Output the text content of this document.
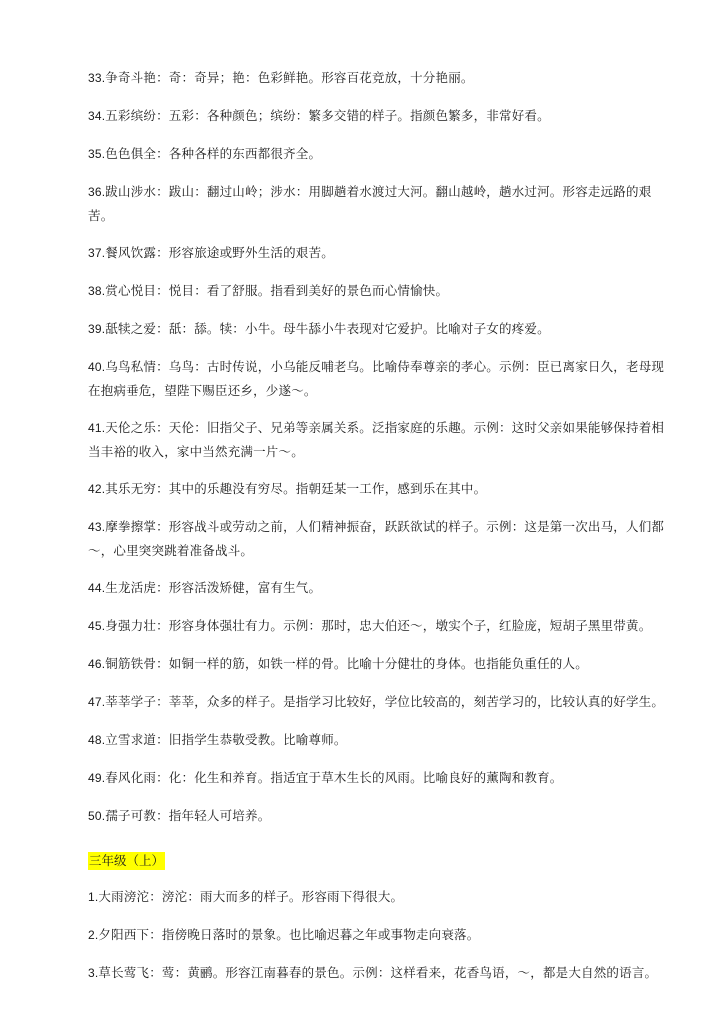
33.争奇斗艳：奇：奇异；艳：色彩鲜艳。形容百花竞放，十分艳丽。
34.五彩缤纷：五彩：各种颜色；缤纷：繁多交错的样子。指颜色繁多，非常好看。
35.色色俱全：各种各样的东西都很齐全。
36.跋山涉水：跋山：翻过山岭；涉水：用脚趟着水渡过大河。翻山越岭，趟水过河。形容走远路的艰苦。
37.餐风饮露：形容旅途或野外生活的艰苦。
38.赏心悦目：悦目：看了舒服。指看到美好的景色而心情愉快。
39.舐犊之爱：舐：舔。犊：小牛。母牛舔小牛表现对它爱护。比喻对子女的疼爱。
40.乌鸟私情：乌鸟：古时传说，小乌能反哺老乌。比喻侍奉尊亲的孝心。示例：臣已离家日久，老母现在抱病垂危，望陛下赐臣还乡，少遂～。
41.天伦之乐：天伦：旧指父子、兄弟等亲属关系。泛指家庭的乐趣。示例：这时父亲如果能够保持着相当丰裕的收入，家中当然充满一片～。
42.其乐无穷：其中的乐趣没有穷尽。指朝廷某一工作，感到乐在其中。
43.摩拳擦掌：形容战斗或劳动之前，人们精神振奋，跃跃欲试的样子。示例：这是第一次出马，人们都～，心里突突跳着准备战斗。
44.生龙活虎：形容活泼矫健，富有生气。
45.身强力壮：形容身体强壮有力。示例：那时，忠大伯还～，墩实个子，红脸庞，短胡子黑里带黄。
46.铜筋铁骨：如铜一样的筋，如铁一样的骨。比喻十分健壮的身体。也指能负重任的人。
47.莘莘学子：莘莘，众多的样子。是指学习比较好，学位比较高的，刻苦学习的，比较认真的好学生。
48.立雪求道：旧指学生恭敬受教。比喻尊师。
49.春风化雨：化：化生和养育。指适宜于草木生长的风雨。比喻良好的薰陶和教育。
50.孺子可教：指年轻人可培养。
三年级（上）
1.大雨滂沱：滂沱：雨大而多的样子。形容雨下得很大。
2.夕阳西下：指傍晚日落时的景象。也比喻迟暮之年或事物走向衰落。
3.草长莺飞：莺：黄鹂。形容江南暮春的景色。示例：这样看来，花香鸟语，～，都是大自然的语言。
